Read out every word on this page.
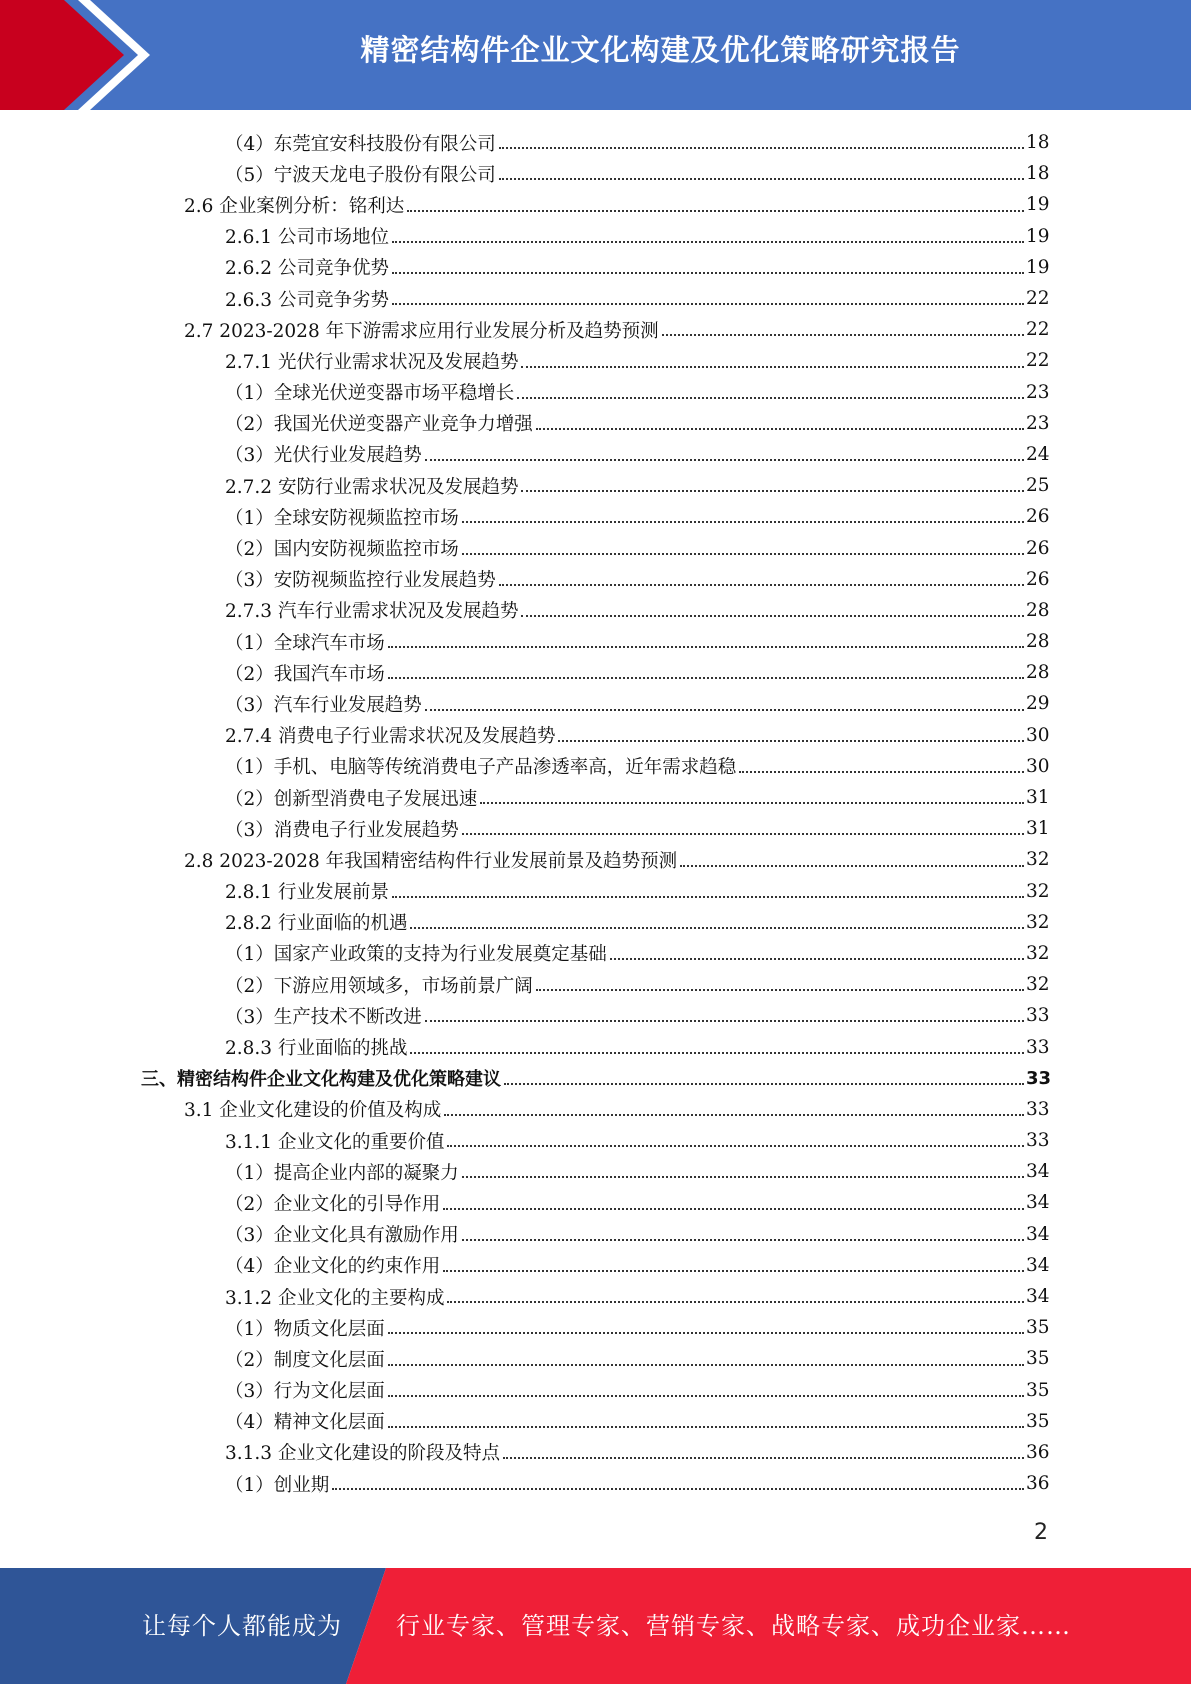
精密结构件企业文化构建及优化策略研究报告
（4）东莞宜安科技股份有限公司	18
（5）宁波天龙电子股份有限公司	18
2.6 企业案例分析：铭利达	19
2.6.1 公司市场地位	19
2.6.2 公司竞争优势	19
2.6.3 公司竞争劣势	22
2.7 2023-2028 年下游需求应用行业发展分析及趋势预测	22
2.7.1 光伏行业需求状况及发展趋势	22
（1）全球光伏逆变器市场平稳增长	23
（2）我国光伏逆变器产业竞争力增强	23
（3）光伏行业发展趋势	24
2.7.2 安防行业需求状况及发展趋势	25
（1）全球安防视频监控市场	26
（2）国内安防视频监控市场	26
（3）安防视频监控行业发展趋势	26
2.7.3 汽车行业需求状况及发展趋势	28
（1）全球汽车市场	28
（2）我国汽车市场	28
（3）汽车行业发展趋势	29
2.7.4 消费电子行业需求状况及发展趋势	30
（1）手机、电脑等传统消费电子产品渗透率高，近年需求趋稳	30
（2）创新型消费电子发展迅速	31
（3）消费电子行业发展趋势	31
2.8 2023-2028 年我国精密结构件行业发展前景及趋势预测	32
2.8.1 行业发展前景	32
2.8.2 行业面临的机遇	32
（1）国家产业政策的支持为行业发展奠定基础	32
（2）下游应用领域多，市场前景广阔	32
（3）生产技术不断改进	33
2.8.3 行业面临的挑战	33
三、精密结构件企业文化构建及优化策略建议	33
3.1 企业文化建设的价值及构成	33
3.1.1 企业文化的重要价值	33
（1）提高企业内部的凝聚力	34
（2）企业文化的引导作用	34
（3）企业文化具有激励作用	34
（4）企业文化的约束作用	34
3.1.2 企业文化的主要构成	34
（1）物质文化层面	35
（2）制度文化层面	35
（3）行为文化层面	35
（4）精神文化层面	35
3.1.3 企业文化建设的阶段及特点	36
（1）创业期	36
2
让每个人都能成为 行业专家、管理专家、营销专家、战略专家、成功企业家……
